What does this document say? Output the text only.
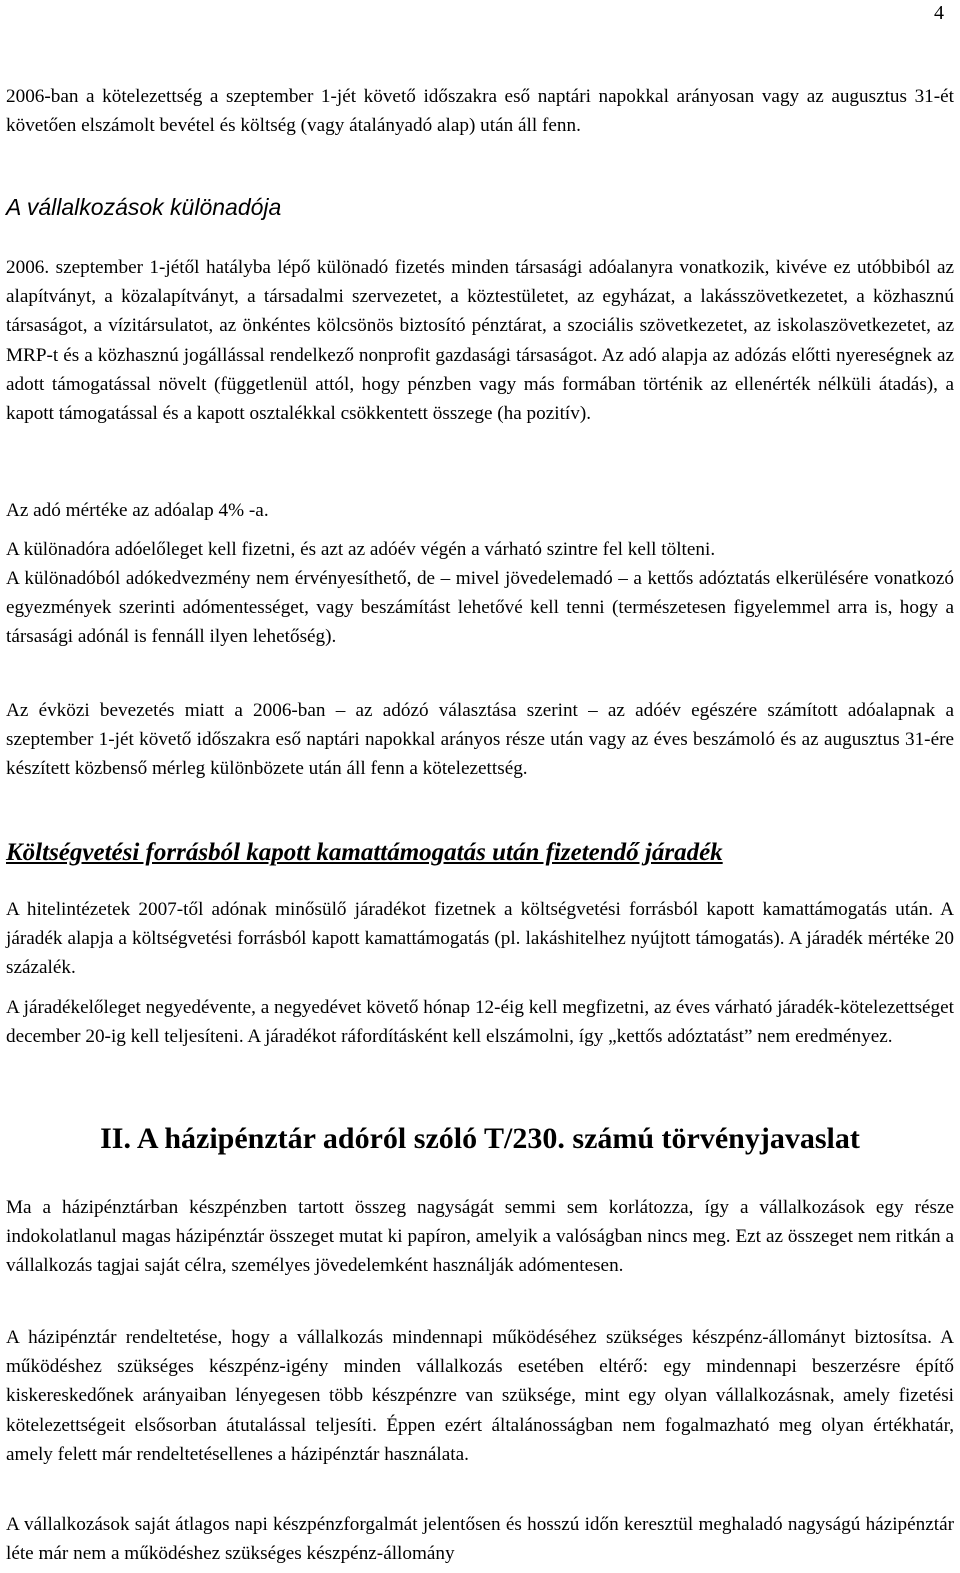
4

2006-ban a kötelezettség a szeptember 1-jét követő időszakra eső naptári napokkal arányosan vagy az augusztus 31-ét követően elszámolt bevétel és költség (vagy átalányadó alap) után áll fenn.

A vállalkozások különadója

2006. szeptember 1-jétől hatályba lépő különadó fizetés minden társasági adóalanyra vonatkozik, kivéve ez utóbbiból az alapítványt, a közalapítványt, a társadalmi szervezetet, a köztestületet, az egyházat, a lakásszövetkezetet, a közhasznú társaságot, a vízitársulatot, az önkéntes kölcsönös biztosító pénztárat, a szociális szövetkezetet, az iskolaszövetkezetet, az MRP-t és a közhasznú jogállással rendelkező nonprofit gazdasági társaságot. Az adó alapja az adózás előtti nyereségnek az adott támogatással növelt (függetlenül attól, hogy pénzben vagy más formában történik az ellenérték nélküli átadás), a kapott támogatással és a kapott osztalékkal csökkentett összege (ha pozitív).

Az adó mértéke az adóalap 4% -a.

A különadóra adóelőleget kell fizetni, és azt az adóév végén a várható szintre fel kell tölteni.

A különadóból adókedvezmény nem érvényesíthető, de – mivel jövedelemadó – a kettős adóztatás elkerülésére vonatkozó egyezmények szerinti adómentességet, vagy beszámítást lehetővé kell tenni (természetesen figyelemmel arra is, hogy a társasági adónál is fennáll ilyen lehetőség).

Az évközi bevezetés miatt a 2006-ban – az adózó választása szerint – az adóév egészére számított adóalapnak a szeptember 1-jét követő időszakra eső naptári napokkal arányos része után vagy az éves beszámoló és az augusztus 31-ére készített közbenső mérleg különbözete után áll fenn a kötelezettség.

Költségvetési forrásból kapott kamattámogatás után fizetendő járadék

A hitelintézetek 2007-től adónak minősülő járadékot fizetnek a költségvetési forrásból kapott kamattámogatás után. A járadék alapja a költségvetési forrásból kapott kamattámogatás (pl. lakáshitelhez nyújtott támogatás). A járadék mértéke 20 százalék.

A járadékelőleget negyedévente, a negyedévet követő hónap 12-éig kell megfizetni, az éves várható járadék-kötelezettséget december 20-ig kell teljesíteni. A járadékot ráfordításként kell elszámolni, így „kettős adóztatást” nem eredményez.

II. A házipénztár adóról szóló T/230. számú törvényjavaslat

Ma a házipénztárban készpénzben tartott összeg nagyságát semmi sem korlátozza, így a vállalkozások egy része indokolatlanul magas házipénztár összeget mutat ki papíron, amelyik a valóságban nincs meg. Ezt az összeget nem ritkán a vállalkozás tagjai saját célra, személyes jövedelemként használják adómentesen.

A házipénztár rendeltetése, hogy a vállalkozás mindennapi működéséhez szükséges készpénz-állományt biztosítsa. A működéshez szükséges készpénz-igény minden vállalkozás esetében eltérő: egy mindennapi beszerzésre építő kiskereskedőnek arányaiban lényegesen több készpénzre van szüksége, mint egy olyan vállalkozásnak, amely fizetési kötelezettségeit elsősorban átutalással teljesíti. Éppen ezért általánosságban nem fogalmazható meg olyan értékhatár, amely felett már rendeltetésellenes a házipénztár használata.

A vállalkozások saját átlagos napi készpénzforgalmát jelentősen és hosszú időn keresztül meghaladó nagyságú házipénztár léte már nem a működéshez szükséges készpénz-állomány
